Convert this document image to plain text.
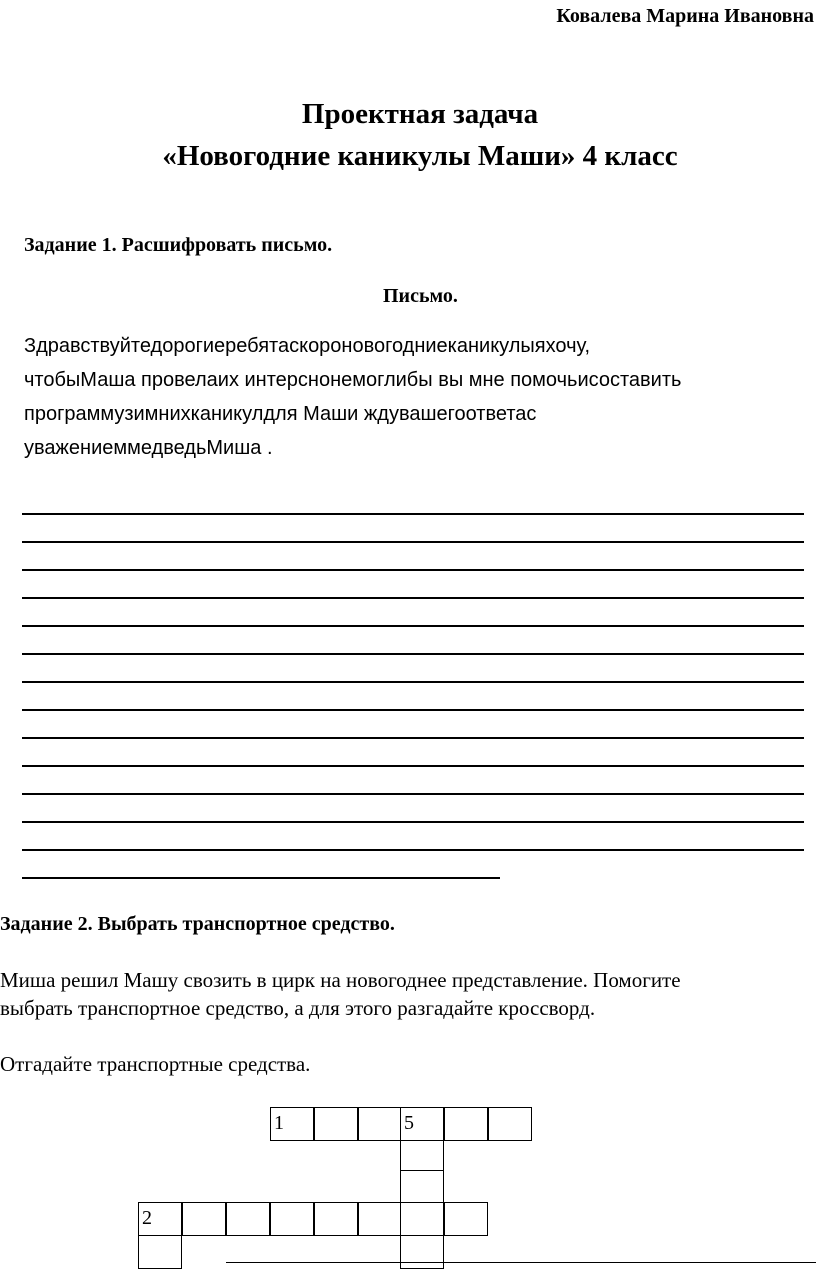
Ковалева Марина Ивановна
Проектная задача
«Новогодние каникулы Маши» 4 класс
Задание 1. Расшифровать письмо.
Письмо.
Здравствуйтедорогиеребятаскороновогодниеканикулыяхочу,
чтобыМаша провелаих интерснонемоглибы вы мне помочьисоставить
программузимнихканикулдля Маши ждувашегоответас
уважениеммедведьМиша .
Задание 2. Выбрать транспортное средство.
Миша решил Машу свозить в цирк на новогоднее представление. Помогите
выбрать транспортное средство, а для этого разгадайте кроссворд.
Отгадайте транспортные средства.
1	5
2
